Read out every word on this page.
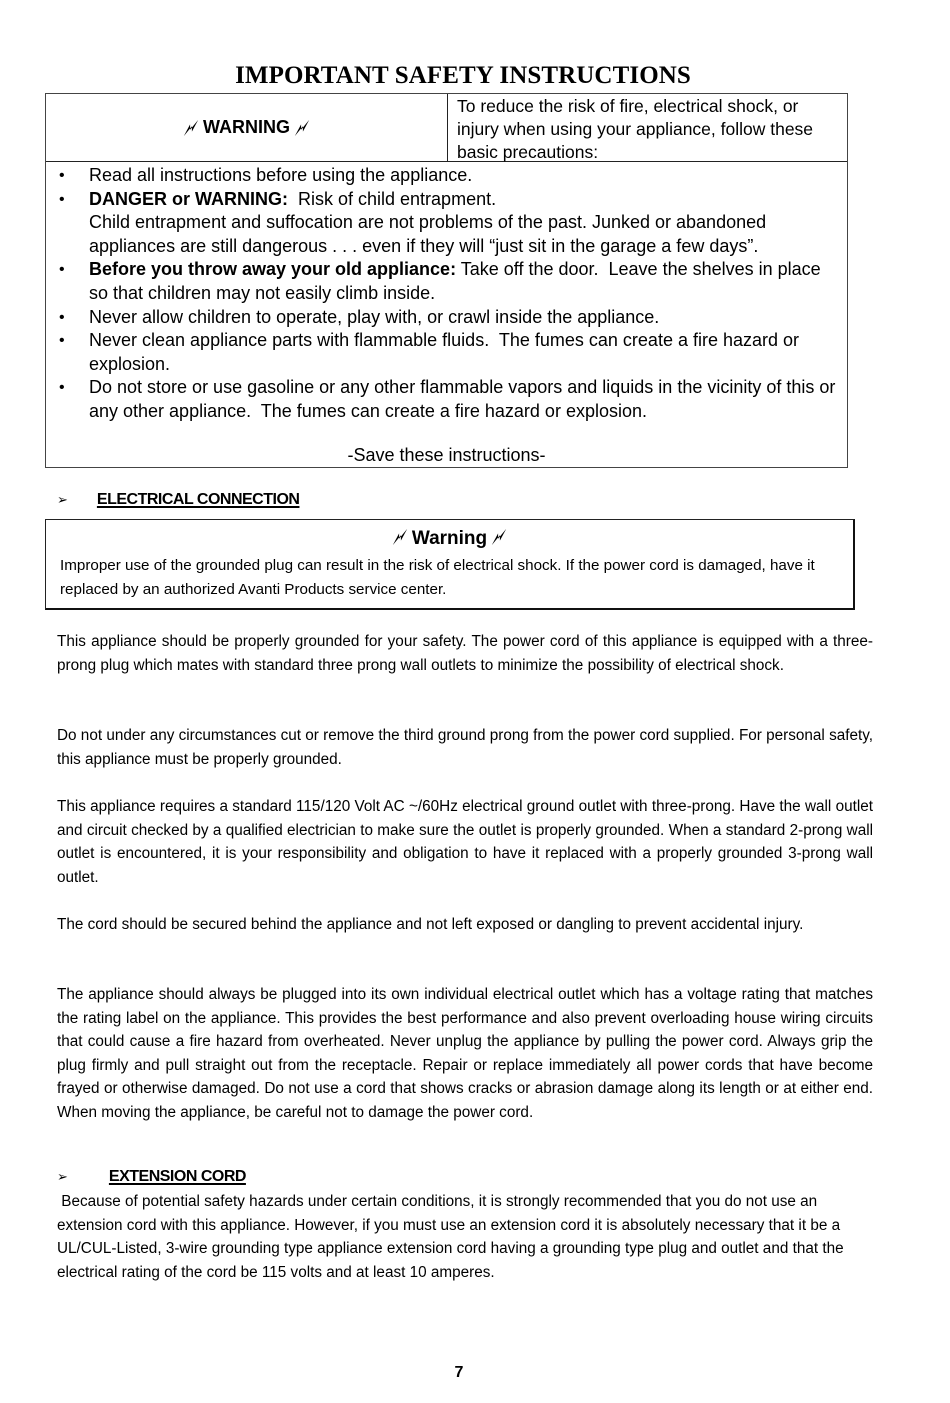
IMPORTANT SAFETY INSTRUCTIONS
WARNING
To reduce the risk of fire, electrical shock, or injury when using your appliance, follow these basic precautions:
• Read all instructions before using the appliance.
• DANGER or WARNING:  Risk of child entrapment.
Child entrapment and suffocation are not problems of the past. Junked or abandoned appliances are still dangerous . . . even if they will “just sit in the garage a few days”.
• Before you throw away your old appliance: Take off the door.  Leave the shelves in place so that children may not easily climb inside.
• Never allow children to operate, play with, or crawl inside the appliance.
• Never clean appliance parts with flammable fluids.  The fumes can create a fire hazard or explosion.
• Do not store or use gasoline or any other flammable vapors and liquids in the vicinity of this or any other appliance.  The fumes can create a fire hazard or explosion.
-Save these instructions-
➢ ELECTRICAL CONNECTION
Warning
Improper use of the grounded plug can result in the risk of electrical shock. If the power cord is damaged, have it replaced by an authorized Avanti Products service center.
This appliance should be properly grounded for your safety. The power cord of this appliance is equipped with a three-prong plug which mates with standard three prong wall outlets to minimize the possibility of electrical shock.
Do not under any circumstances cut or remove the third ground prong from the power cord supplied. For personal safety, this appliance must be properly grounded.
This appliance requires a standard 115/120 Volt AC ~/60Hz electrical ground outlet with three-prong. Have the wall outlet and circuit checked by a qualified electrician to make sure the outlet is properly grounded. When a standard 2-prong wall outlet is encountered, it is your responsibility and obligation to have it replaced with a properly grounded 3-prong wall outlet.
The cord should be secured behind the appliance and not left exposed or dangling to prevent accidental injury.
The appliance should always be plugged into its own individual electrical outlet which has a voltage rating that matches the rating label on the appliance. This provides the best performance and also prevent overloading house wiring circuits that could cause a fire hazard from overheated. Never unplug the appliance by pulling the power cord. Always grip the plug firmly and pull straight out from the receptacle. Repair or replace immediately all power cords that have become frayed or otherwise damaged. Do not use a cord that shows cracks or abrasion damage along its length or at either end. When moving the appliance, be careful not to damage the power cord.
➢	EXTENSION CORD
Because of potential safety hazards under certain conditions, it is strongly recommended that you do not use an extension cord with this appliance. However, if you must use an extension cord it is absolutely necessary that it be a UL/CUL-Listed, 3-wire grounding type appliance extension cord having a grounding type plug and outlet and that the electrical rating of the cord be 115 volts and at least 10 amperes.
7
